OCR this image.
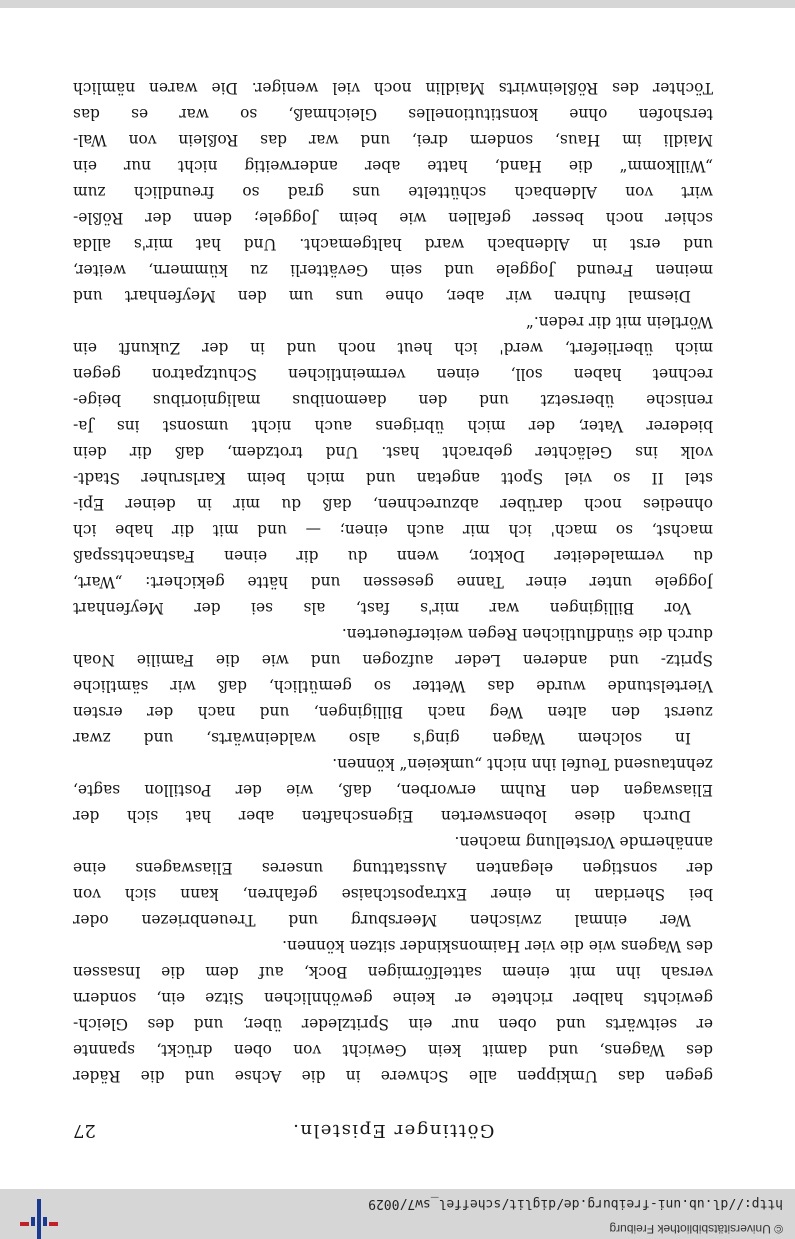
© Universitätsbibliothek Freiburg
http://dl.ub.uni-freiburg.de/diglit/scheffel_sw7/0029
Göttinger Episteln.
27
gegen das Umkippen alle Schwere in die Achse und die Räder
des Wagens, und damit kein Gewicht von oben drückt, spannte
er seitwärts und oben nur ein Spritzleder über, und des Gleich-
gewichts halber richtete er keine gewöhnlichen Sitze ein, sondern
versah ihn mit einem sattelförmigen Bock, auf dem die Insassen
des Wagens wie die vier Haimonskinder sitzen können.
Wer einmal zwischen Meersburg und Treuenbriezen oder
bei Sheridan in einer Extrapostchaise gefahren, kann sich von
der sonstigen eleganten Ausstattung unseres Eliaswagens eine
annähernde Vorstellung machen.
Durch diese lobenswerten Eigenschaften aber hat sich der
Eliaswagen den Ruhm erworben, daß, wie der Postillon sagte,
zehntausend Teufel ihn nicht „umkeien“ können.
In solchem Wagen ging's also waldeinwärts, und zwar
zuerst den alten Weg nach Billigingen, und nach der ersten
Viertelstunde wurde das Wetter so gemütlich, daß wir sämtliche
Spritz- und anderen Leder aufzogen und wie die Familie Noah
durch die sündflutlichen Regen weiterfeuerten.
Vor Billigingen war mir's fast, als sei der Meyfenhart
Joggele unter einer Tanne gesessen und hätte gekichert: „Wart,
du vermaledeiter Doktor, wenn du dir einen Fastnachtsspaß
machst, so mach' ich mir auch einen; — und mit dir habe ich
ohnedies noch darüber abzurechnen, daß du mir in deiner Epi-
stel II so viel Spott angetan und mich beim Karlsruher Stadt-
volk ins Gelächter gebracht hast. Und trotzdem, daß dir dein
biederer Vater, der mich übrigens auch nicht umsonst ins Ja-
renische übersetzt und den daemonibus malignioribus beige-
rechnet haben soll, einen vermeintlichen Schutzpatron gegen
mich überliefert, werd' ich heut noch und in der Zukunft ein
Wörtlein mit dir reden.“
Diesmal fuhren wir aber, ohne uns um den Meyfenhart und
meinen Freund Joggele und sein Gevätterli zu kümmern, weiter,
und erst in Aldenbach ward haltgemacht. Und hat mir's allda
schier noch besser gefallen wie beim Joggele; denn der Rößle-
wirt von Aldenbach schüttelte uns grad so freundlich zum
„Willkomm“ die Hand, hatte aber anderweitig nicht nur ein
Maidli im Haus, sondern drei, und war das Roßlein von Wal-
tershofen ohne konstitutionelles Gleichmaß, so war es das
Töchter des Rößleinwirts Maidlin noch viel weniger. Die waren nämlich
